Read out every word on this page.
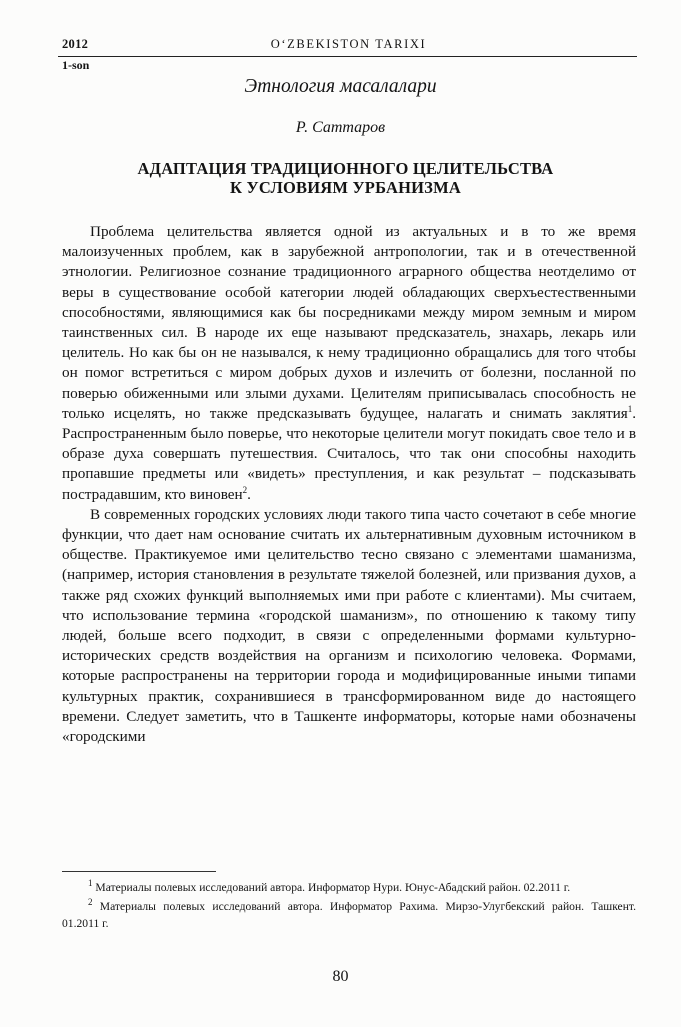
2012	O‘ZBEKISTON TARIXI
1-son
Этнология масалалари
Р. Саттаров
АДАПТАЦИЯ ТРАДИЦИОННОГО ЦЕЛИТЕЛЬСТВА
К УСЛОВИЯМ УРБАНИЗМА

Проблема целительства является одной из актуальных и в то же время малоизученных проблем, как в зарубежной антропологии, так и в отечественной этнологии. Религиозное сознание традиционного аграрного общества неотделимо от веры в существование особой категории людей обладающих сверхъестественными способностями, являющимися как бы посредниками между миром земным и миром таинственных сил. В народе их еще называют предсказатель, знахарь, лекарь или целитель. Но как бы он не назывался, к нему традиционно обращались для того чтобы он помог встретиться с миром добрых духов и излечить от болезни, посланной по поверью обиженными или злыми духами. Целителям приписывалась способность не только исцелять, но также предсказывать будущее, налагать и снимать заклятия$^1$. Распространенным было поверье, что некоторые целители могут покидать свое тело и в образе духа совершать путешествия. Считалось, что так они способны находить пропавшие предметы или «видеть» преступления, и как результат – подсказывать пострадавшим, кто виновен$^2$.

В современных городских условиях люди такого типа часто сочетают в себе многие функции, что дает нам основание считать их альтернативным духовным источником в обществе. Практикуемое ими целительство тесно связано с элементами шаманизма, (например, история становления в результате тяжелой болезней, или призвания духов, а также ряд схожих функций выполняемых ими при работе с клиентами). Мы считаем, что использование термина «городской шаманизм», по отношению к такому типу людей, больше всего подходит, в связи с определенными формами культурно-исторических средств воздействия на организм и психологию человека. Формами, которые распространены на территории города и модифицированные иными типами культурных практик, сохранившиеся в трансформированном виде до настоящего времени. Следует заметить, что в Ташкенте информаторы, которые нами обозначены «городскими

$^1$ Материалы полевых исследований автора. Информатор Нури. Юнус-Абадский район. 02.2011 г.

$^2$ Материалы полевых исследований автора. Информатор Рахима. Мирзо-Улугбекский район. Ташкент. 01.2011 г.

80
